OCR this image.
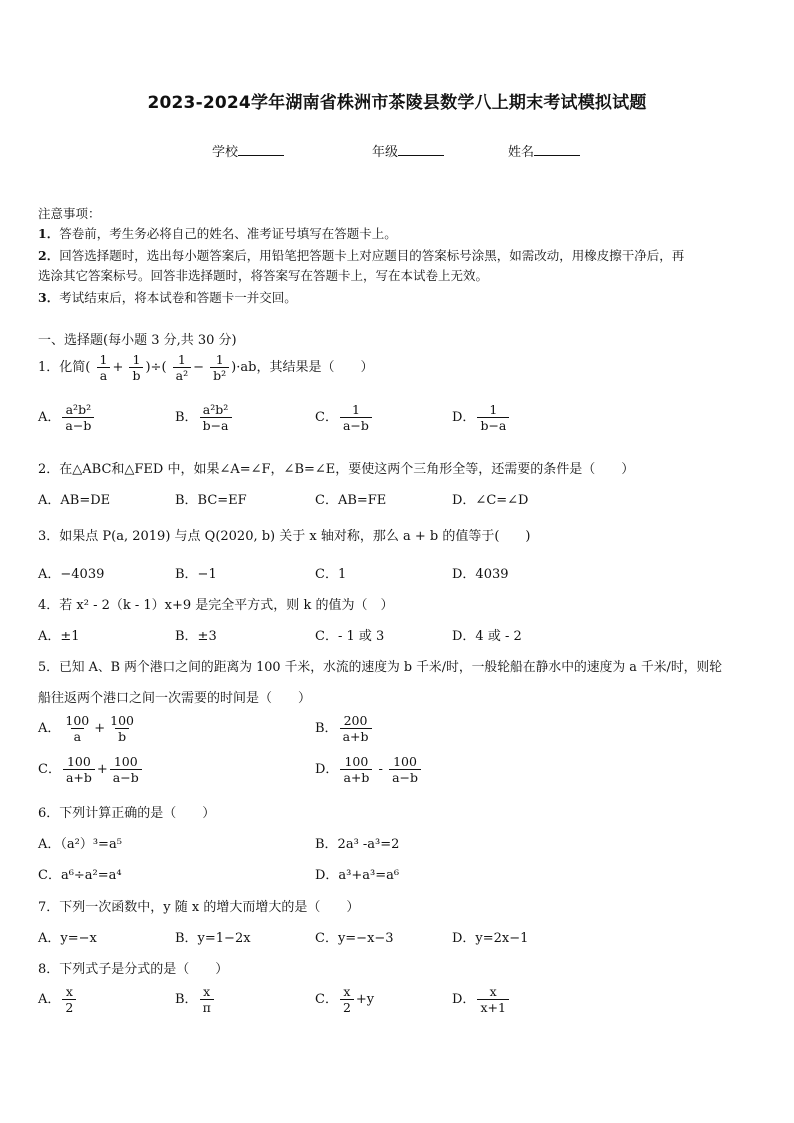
2023-2024学年湖南省株洲市茶陵县数学八上期末考试模拟试题
学校	年级	姓名
注意事项：
1．答卷前，考生务必将自己的姓名、准考证号填写在答题卡上。
2．回答选择题时，选出每小题答案后，用铅笔把答题卡上对应题目的答案标号涂黑，如需改动，用橡皮擦干净后，再
选涂其它答案标号。回答非选择题时，将答案写在答题卡上，写在本试卷上无效。
3．考试结束后，将本试卷和答题卡一并交回。
一、选择题(每小题 3 分,共 30 分)
1．化简( $\frac{1}{a} + \frac{1}{b}$ )÷( $\frac{1}{\text{a²}} - \frac{1}{\text{b²}} )\cdot ab$，其结果是（　　）
A． $\frac{\text{a²b²}}{a-b}$	B． $\frac{\text{a²b²}}{b-a}$	C． $\frac{1}{a-b}$	D． $\frac{1}{b-a}$
2．在△ABC和△FED 中，如果∠A=∠F，∠B=∠E，要使这两个三角形全等，还需要的条件是（　　）
A．AB=DE	B．BC=EF	C．AB=FE	D．∠C=∠D
3．如果点 P(a, 2019) 与点 Q(2020, b) 关于 x 轴对称，那么 a + b 的值等于(　　)
A．−4039	B．−1	C．1	D．4039
4．若 x² - 2（k - 1）x+9 是完全平方式，则 k 的值为（　）
A．±1	B．±3	C．- 1 或 3	D．4 或 - 2
5．已知 A、B 两个港口之间的距离为 100 千米，水流的速度为 b 千米/时，一般轮船在静水中的速度为 a 千米/时，则轮
船往返两个港口之间一次需要的时间是（　　）
A． $\frac{100}{a} + \frac{100}{b}$	B． $\frac{200}{a+b}$
C． $\frac{100}{a+b} + \frac{100}{a-b}$	D． $\frac{100}{a+b} - \frac{100}{a-b}$
6．下列计算正确的是（　　）
A．（a²）³=a⁵	B．2a³ -a³=2
C．a⁶÷a²=a⁴	D．a³+a³=a⁶
7．下列一次函数中，y 随 x 的增大而增大的是（　　）
A．y=−x	B．y=1−2x	C．y=−x−3	D．y=2x−1
8．下列式子是分式的是（　　）
A． $\frac{x}{2}$	B． $\frac{x}{\pi}$	C． $\frac{x}{2} +y$	D． $\frac{x}{x+1}$
